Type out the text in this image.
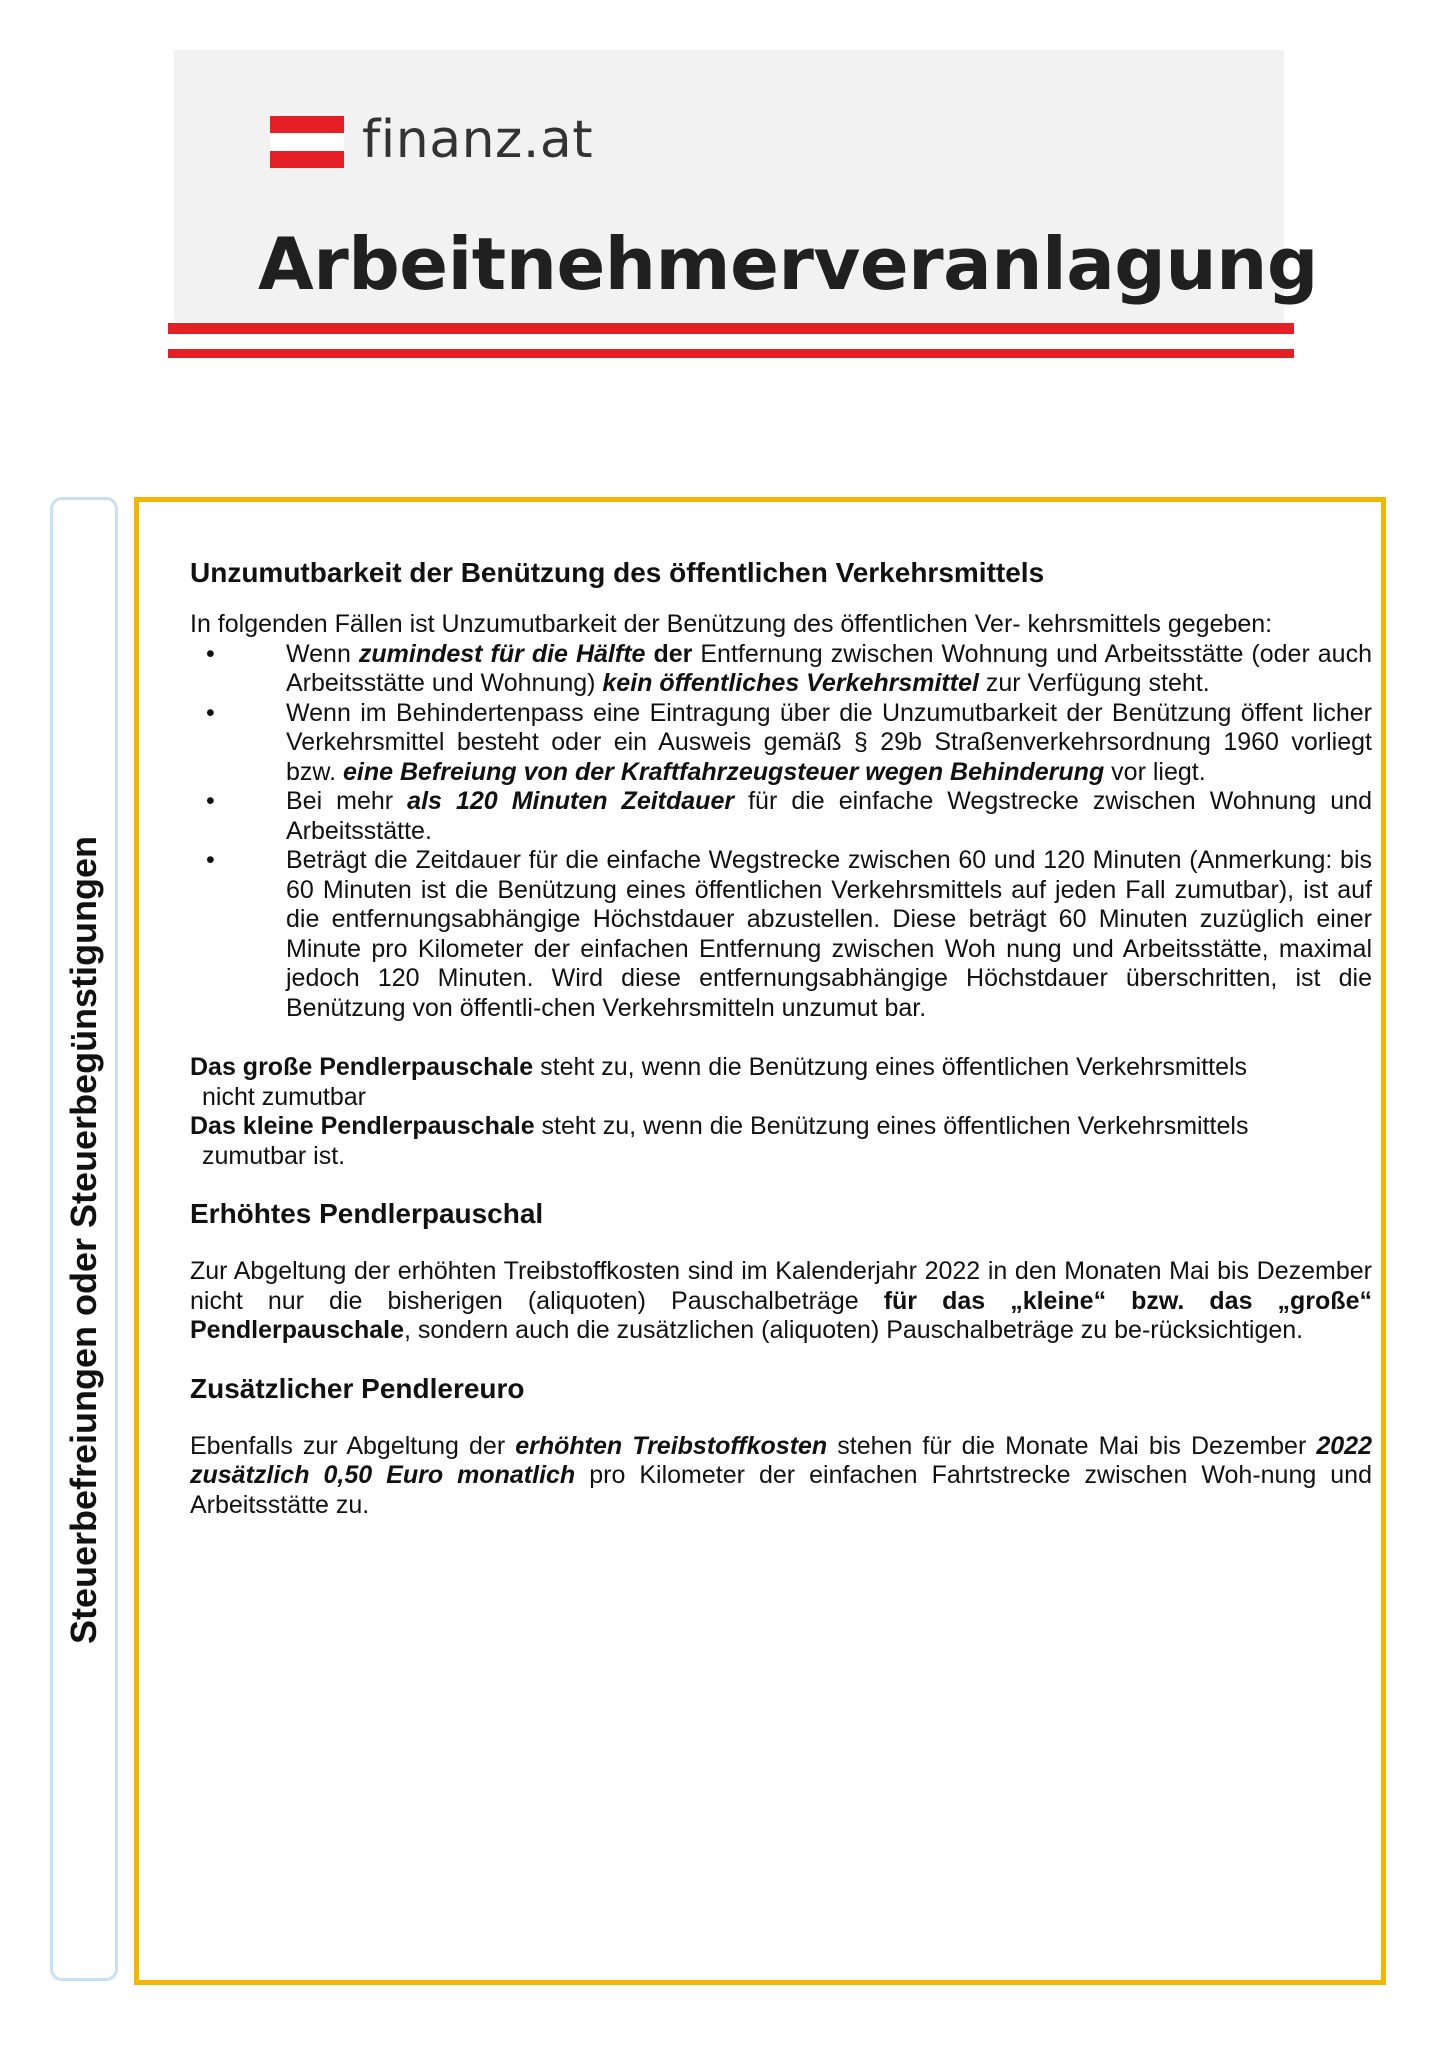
finanz.at
Arbeitnehmerveranlagung
Steuerbefreiungen oder Steuerbegünstigungen
Unzumutbarkeit der Benützung des öffentlichen Verkehrsmittels

In folgenden Fällen ist Unzumutbarkeit der Benützung des öffentlichen Ver- kehrsmittels gegeben:

•	Wenn zumindest für die Hälfte der Entfernung zwischen Wohnung und Arbeitsstätte (oder auch Arbeitsstätte und Wohnung) kein öffentliches Verkehrsmittel zur Verfügung steht.
•	Wenn im Behindertenpass eine Eintragung über die Unzumutbarkeit der Benützung öffent licher Verkehrsmittel besteht oder ein Ausweis gemäß § 29b Straßenverkehrsordnung 1960 vorliegt bzw. eine Befreiung von der Kraftfahrzeugsteuer wegen Behinderung vor liegt.
•	Bei mehr als 120 Minuten Zeitdauer für die einfache Wegstrecke zwischen Wohnung und Arbeitsstätte.
•	Beträgt die Zeitdauer für die einfache Wegstrecke zwischen 60 und 120 Minuten (Anmerkung: bis 60 Minuten ist die Benützung eines öffentlichen Verkehrsmittels auf jeden Fall zumutbar), ist auf die entfernungsabhängige Höchstdauer abzustellen. Diese beträgt 60 Minuten zuzüglich einer Minute pro Kilometer der einfachen Entfernung zwischen Woh nung und Arbeitsstätte, maximal jedoch 120 Minuten. Wird diese entfernungsabhängige Höchstdauer überschritten, ist die Benützung von öffentli-chen Verkehrsmitteln unzumut bar.

Das große Pendlerpauschale steht zu, wenn die Benützung eines öffentlichen Verkehrsmittels

nicht zumutbar

Das kleine Pendlerpauschale steht zu, wenn die Benützung eines öffentlichen Verkehrsmittels

zumutbar ist.

Erhöhtes Pendlerpauschal

Zur Abgeltung der erhöhten Treibstoffkosten sind im Kalenderjahr 2022 in den Monaten Mai bis Dezember nicht nur die bisherigen (aliquoten) Pauschalbeträge für das „kleine“ bzw. das „große“ Pendlerpauschale, sondern auch die zusätzlichen (aliquoten) Pauschalbeträge zu be-rücksichtigen.

Zusätzlicher Pendlereuro

Ebenfalls zur Abgeltung der erhöhten Treibstoffkosten stehen für die Monate Mai bis Dezember 2022 zusätzlich 0,50 Euro monatlich pro Kilometer der einfachen Fahrtstrecke zwischen Woh-nung und Arbeitsstätte zu.
